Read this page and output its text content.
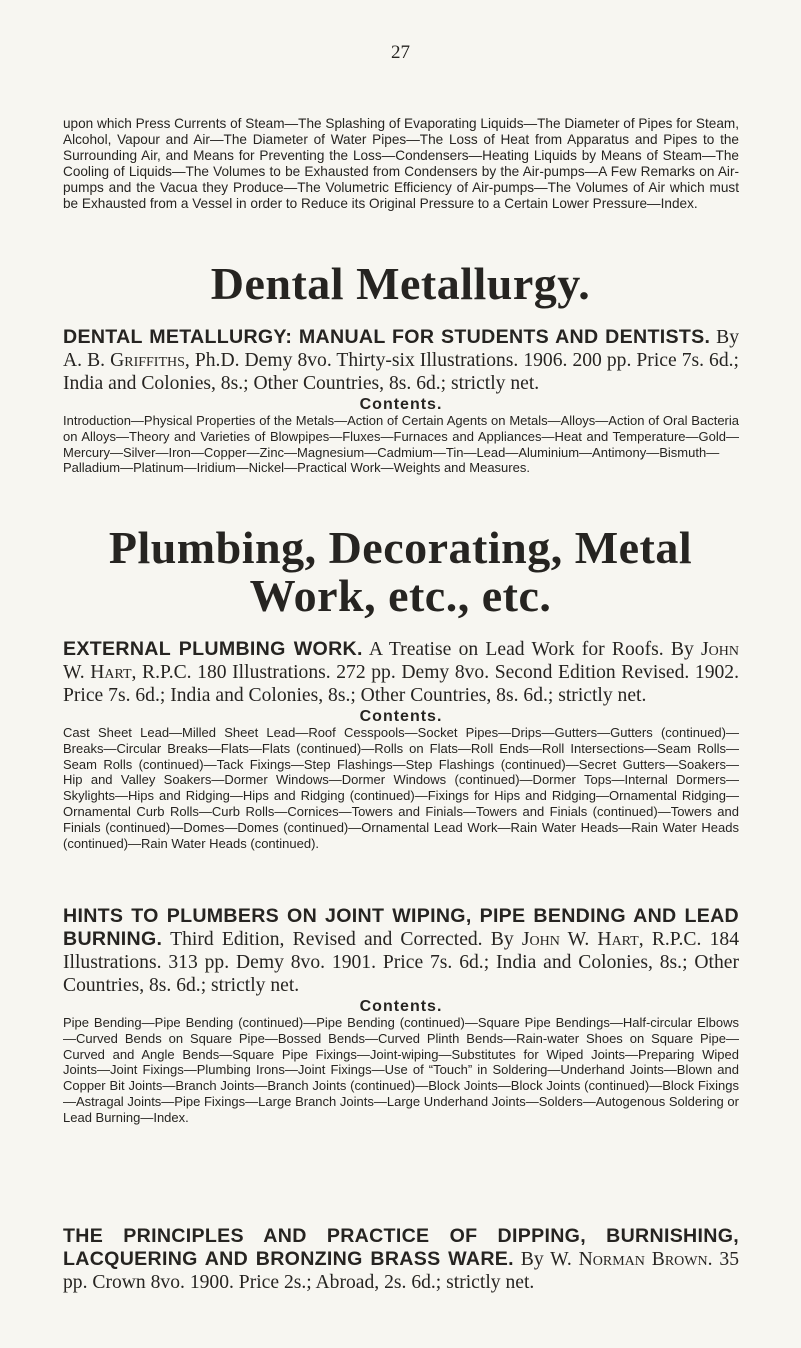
27

upon which Press Currents of Steam—The Splashing of Evaporating Liquids—The Diameter of Pipes for Steam, Alcohol, Vapour and Air—The Diameter of Water Pipes—The Loss of Heat from Apparatus and Pipes to the Surrounding Air, and Means for Preventing the Loss—Condensers—Heating Liquids by Means of Steam—The Cooling of Liquids—The Volumes to be Exhausted from Condensers by the Air-pumps—A Few Remarks on Air-pumps and the Vacua they Produce—The Volumetric Efficiency of Air-pumps—The Volumes of Air which must be Exhausted from a Vessel in order to Reduce its Original Pressure to a Certain Lower Pressure—Index.

Dental Metallurgy.
DENTAL METALLURGY: MANUAL FOR STUDENTS AND DENTISTS. By A. B. Griffiths, Ph.D. Demy 8vo. Thirty-six Illustrations. 1906. 200 pp. Price 7s. 6d.; India and Colonies, 8s.; Other Countries, 8s. 6d.; strictly net.
Contents.
Introduction—Physical Properties of the Metals—Action of Certain Agents on Metals—Alloys—Action of Oral Bacteria on Alloys—Theory and Varieties of Blowpipes—Fluxes—Furnaces and Appliances—Heat and Temperature—Gold—Mercury—Silver—Iron—Copper—Zinc—Magnesium—Cadmium—Tin—Lead—Aluminium—Antimony—Bismuth—Palladium—Platinum—Iridium—Nickel—Practical Work—Weights and Measures.
Plumbing, Decorating, Metal
Work, etc., etc.
EXTERNAL PLUMBING WORK. A Treatise on Lead Work for Roofs. By John W. Hart, R.P.C. 180 Illustrations. 272 pp. Demy 8vo. Second Edition Revised. 1902. Price 7s. 6d.; India and Colonies, 8s.; Other Countries, 8s. 6d.; strictly net.
Contents.
Cast Sheet Lead—Milled Sheet Lead—Roof Cesspools—Socket Pipes—Drips—Gutters—Gutters (continued)—Breaks—Circular Breaks—Flats—Flats (continued)—Rolls on Flats—Roll Ends—Roll Intersections—Seam Rolls—Seam Rolls (continued)—Tack Fixings—Step Flashings—Step Flashings (continued)—Secret Gutters—Soakers—Hip and Valley Soakers—Dormer Windows—Dormer Windows (continued)—Dormer Tops—Internal Dormers—Skylights—Hips and Ridging—Hips and Ridging (continued)—Fixings for Hips and Ridging—Ornamental Ridging—Ornamental Curb Rolls—Curb Rolls—Cornices—Towers and Finials—Towers and Finials (continued)—Towers and Finials (continued)—Domes—Domes (continued)—Ornamental Lead Work—Rain Water Heads—Rain Water Heads (continued)—Rain Water Heads (continued).
HINTS TO PLUMBERS ON JOINT WIPING, PIPE BENDING AND LEAD BURNING. Third Edition, Revised and Corrected. By John W. Hart, R.P.C. 184 Illustrations. 313 pp. Demy 8vo. 1901. Price 7s. 6d.; India and Colonies, 8s.; Other Countries, 8s. 6d.; strictly net.
Contents.
Pipe Bending—Pipe Bending (continued)—Pipe Bending (continued)—Square Pipe Bendings—Half-circular Elbows—Curved Bends on Square Pipe—Bossed Bends—Curved Plinth Bends—Rain-water Shoes on Square Pipe—Curved and Angle Bends—Square Pipe Fixings—Joint-wiping—Substitutes for Wiped Joints—Preparing Wiped Joints—Joint Fixings—Plumbing Irons—Joint Fixings—Use of “Touch” in Soldering—Underhand Joints—Blown and Copper Bit Joints—Branch Joints—Branch Joints (continued)—Block Joints—Block Joints (continued)—Block Fixings—Astragal Joints—Pipe Fixings—Large Branch Joints—Large Underhand Joints—Solders—Autogenous Soldering or Lead Burning—Index.
THE PRINCIPLES AND PRACTICE OF DIPPING, BURNISHING, LACQUERING AND BRONZING BRASS WARE. By W. Norman Brown. 35 pp. Crown 8vo. 1900. Price 2s.; Abroad, 2s. 6d.; strictly net.
